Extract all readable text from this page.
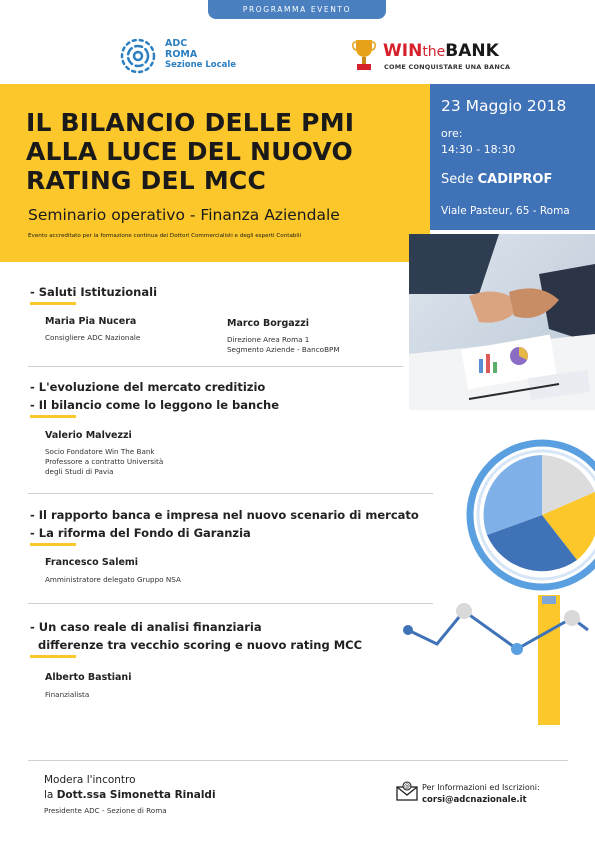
PROGRAMMA EVENTO
ADC
ROMA
Sezione Locale
WINtheBANK
COME CONQUISTARE UNA BANCA
IL BILANCIO DELLE PMI
ALLA LUCE DEL NUOVO
RATING DEL MCC
Seminario operativo - Finanza Aziendale
Evento accreditato per la formazione continua dei Dottori Commercialisti e degli esperti Contabili
23 Maggio 2018
ore:
14:30 - 18:30
Sede CADIPROF
Viale Pasteur, 65 - Roma
- Saluti Istituzionali
Maria Pia Nucera
Consigliere ADC Nazionale
Marco Borgazzi
Direzione Area Roma 1
Segmento Aziende - BancoBPM
- L'evoluzione del mercato creditizio
- Il bilancio come lo leggono le banche
Valerio Malvezzi
Socio Fondatore Win The Bank
Professore a contratto Università
degli Studi di Pavia
- Il rapporto banca e impresa nel nuovo scenario di mercato
- La riforma del Fondo di Garanzia
Francesco Salemi
Amministratore delegato Gruppo NSA
- Un caso reale di analisi finanziaria
differenze tra vecchio scoring e nuovo rating MCC
Alberto Bastiani
Finanzialista
Modera l'incontro
la Dott.ssa Simonetta Rinaldi
Presidente ADC - Sezione di Roma
@ Per Informazioni ed Iscrizioni:
corsi@adcnazionale.it
